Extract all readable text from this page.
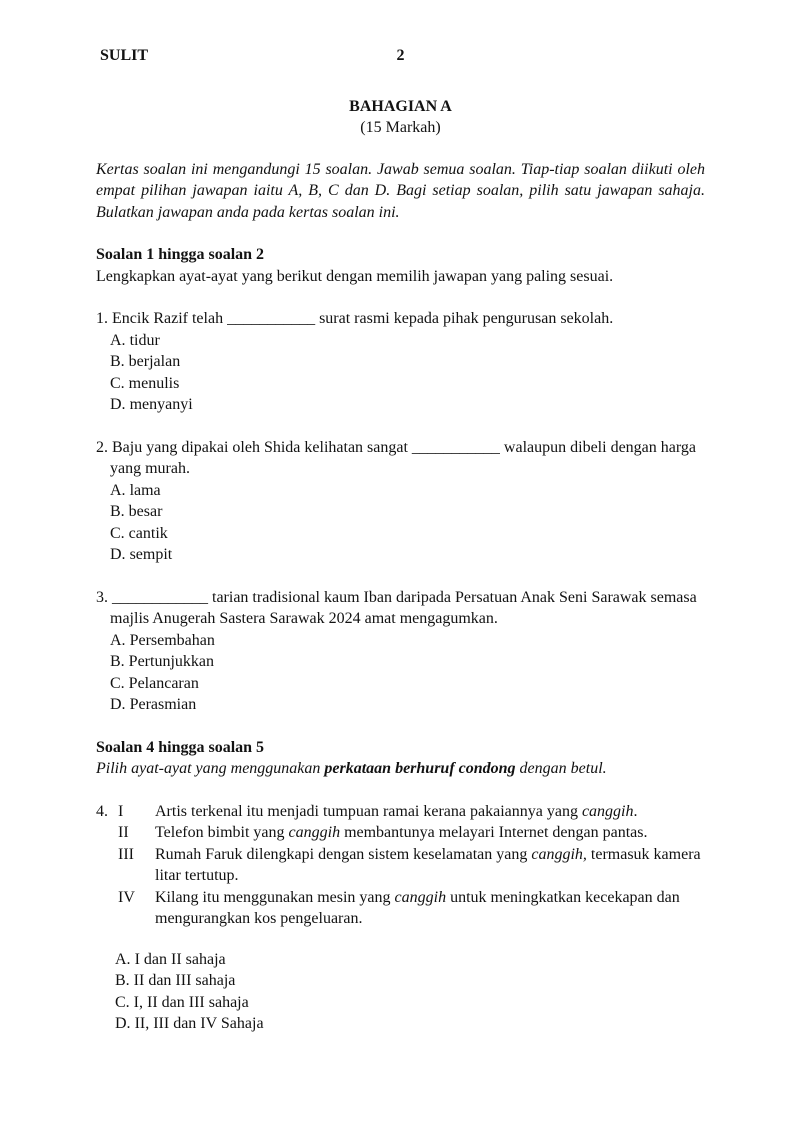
SULIT	2
BAHAGIAN A
(15 Markah)

Kertas soalan ini mengandungi 15 soalan. Jawab semua soalan. Tiap-tiap soalan diikuti oleh empat pilihan jawapan iaitu A, B, C dan D. Bagi setiap soalan, pilih satu jawapan sahaja. Bulatkan jawapan anda pada kertas soalan ini.

Soalan 1 hingga soalan 2
Lengkapkan ayat-ayat yang berikut dengan memilih jawapan yang paling sesuai.
1. Encik Razif telah ___________ surat rasmi kepada pihak pengurusan sekolah.
A. tidur
B. berjalan
C. menulis
D. menyanyi
2. Baju yang dipakai oleh Shida kelihatan sangat ___________ walaupun dibeli dengan harga yang murah.
A. lama
B. besar
C. cantik
D. sempit
3. ____________ tarian tradisional kaum Iban daripada Persatuan Anak Seni Sarawak semasa majlis Anugerah Sastera Sarawak 2024 amat mengagumkan.
A. Persembahan
B. Pertunjukkan
C. Pelancaran
D. Perasmian
Soalan 4 hingga soalan 5
Pilih ayat-ayat yang menggunakan perkataan berhuruf condong dengan betul.
4. I	Artis terkenal itu menjadi tumpuan ramai kerana pakaiannya yang canggih.
II	Telefon bimbit yang canggih membantunya melayari Internet dengan pantas.
III	Rumah Faruk dilengkapi dengan sistem keselamatan yang canggih, termasuk kamera litar tertutup.
IV	Kilang itu menggunakan mesin yang canggih untuk meningkatkan kecekapan dan mengurangkan kos pengeluaran.
A. I dan II sahaja
B. II dan III sahaja
C. I, II dan III sahaja
D. II, III dan IV Sahaja
